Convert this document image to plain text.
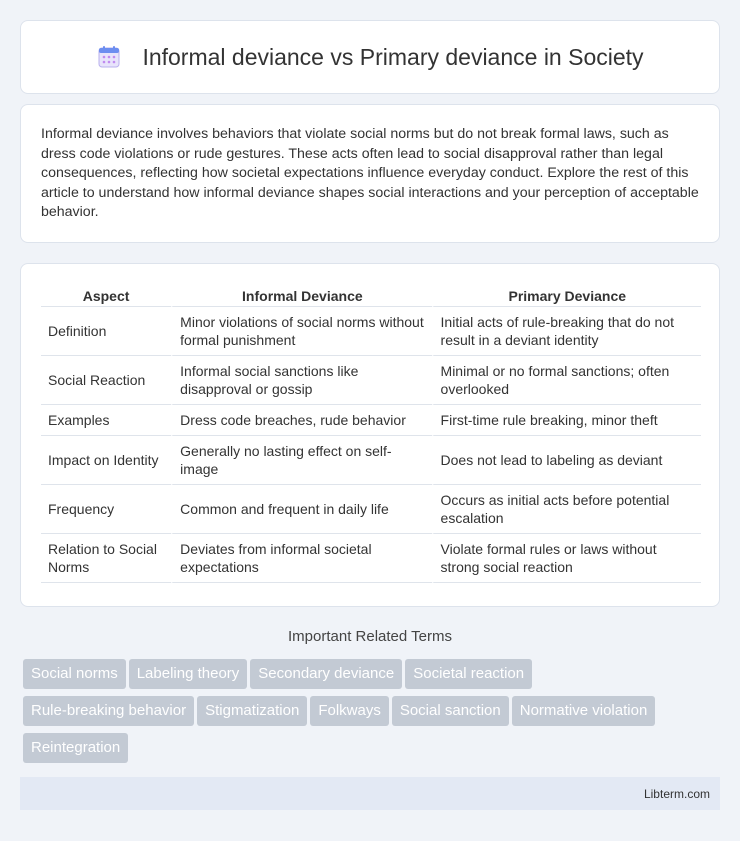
Informal deviance vs Primary deviance in Society

Informal deviance involves behaviors that violate social norms but do not break formal laws, such as dress code violations or rude gestures. These acts often lead to social disapproval rather than legal consequences, reflecting how societal expectations influence everyday conduct. Explore the rest of this article to understand how informal deviance shapes social interactions and your perception of acceptable behavior.

Aspect	Informal Deviance	Primary Deviance
Definition	Minor violations of social norms without formal punishment	Initial acts of rule-breaking that do not result in a deviant identity
Social Reaction	Informal social sanctions like disapproval or gossip	Minimal or no formal sanctions; often overlooked
Examples	Dress code breaches, rude behavior	First-time rule breaking, minor theft
Impact on Identity	Generally no lasting effect on self-image	Does not lead to labeling as deviant
Frequency	Common and frequent in daily life	Occurs as initial acts before potential escalation
Relation to Social Norms	Deviates from informal societal expectations	Violate formal rules or laws without strong social reaction
Important Related Terms
Social norms Labeling theory Secondary deviance Societal reaction
Rule-breaking behavior Stigmatization Folkways Social sanction Normative violation
Reintegration
Libterm.com
